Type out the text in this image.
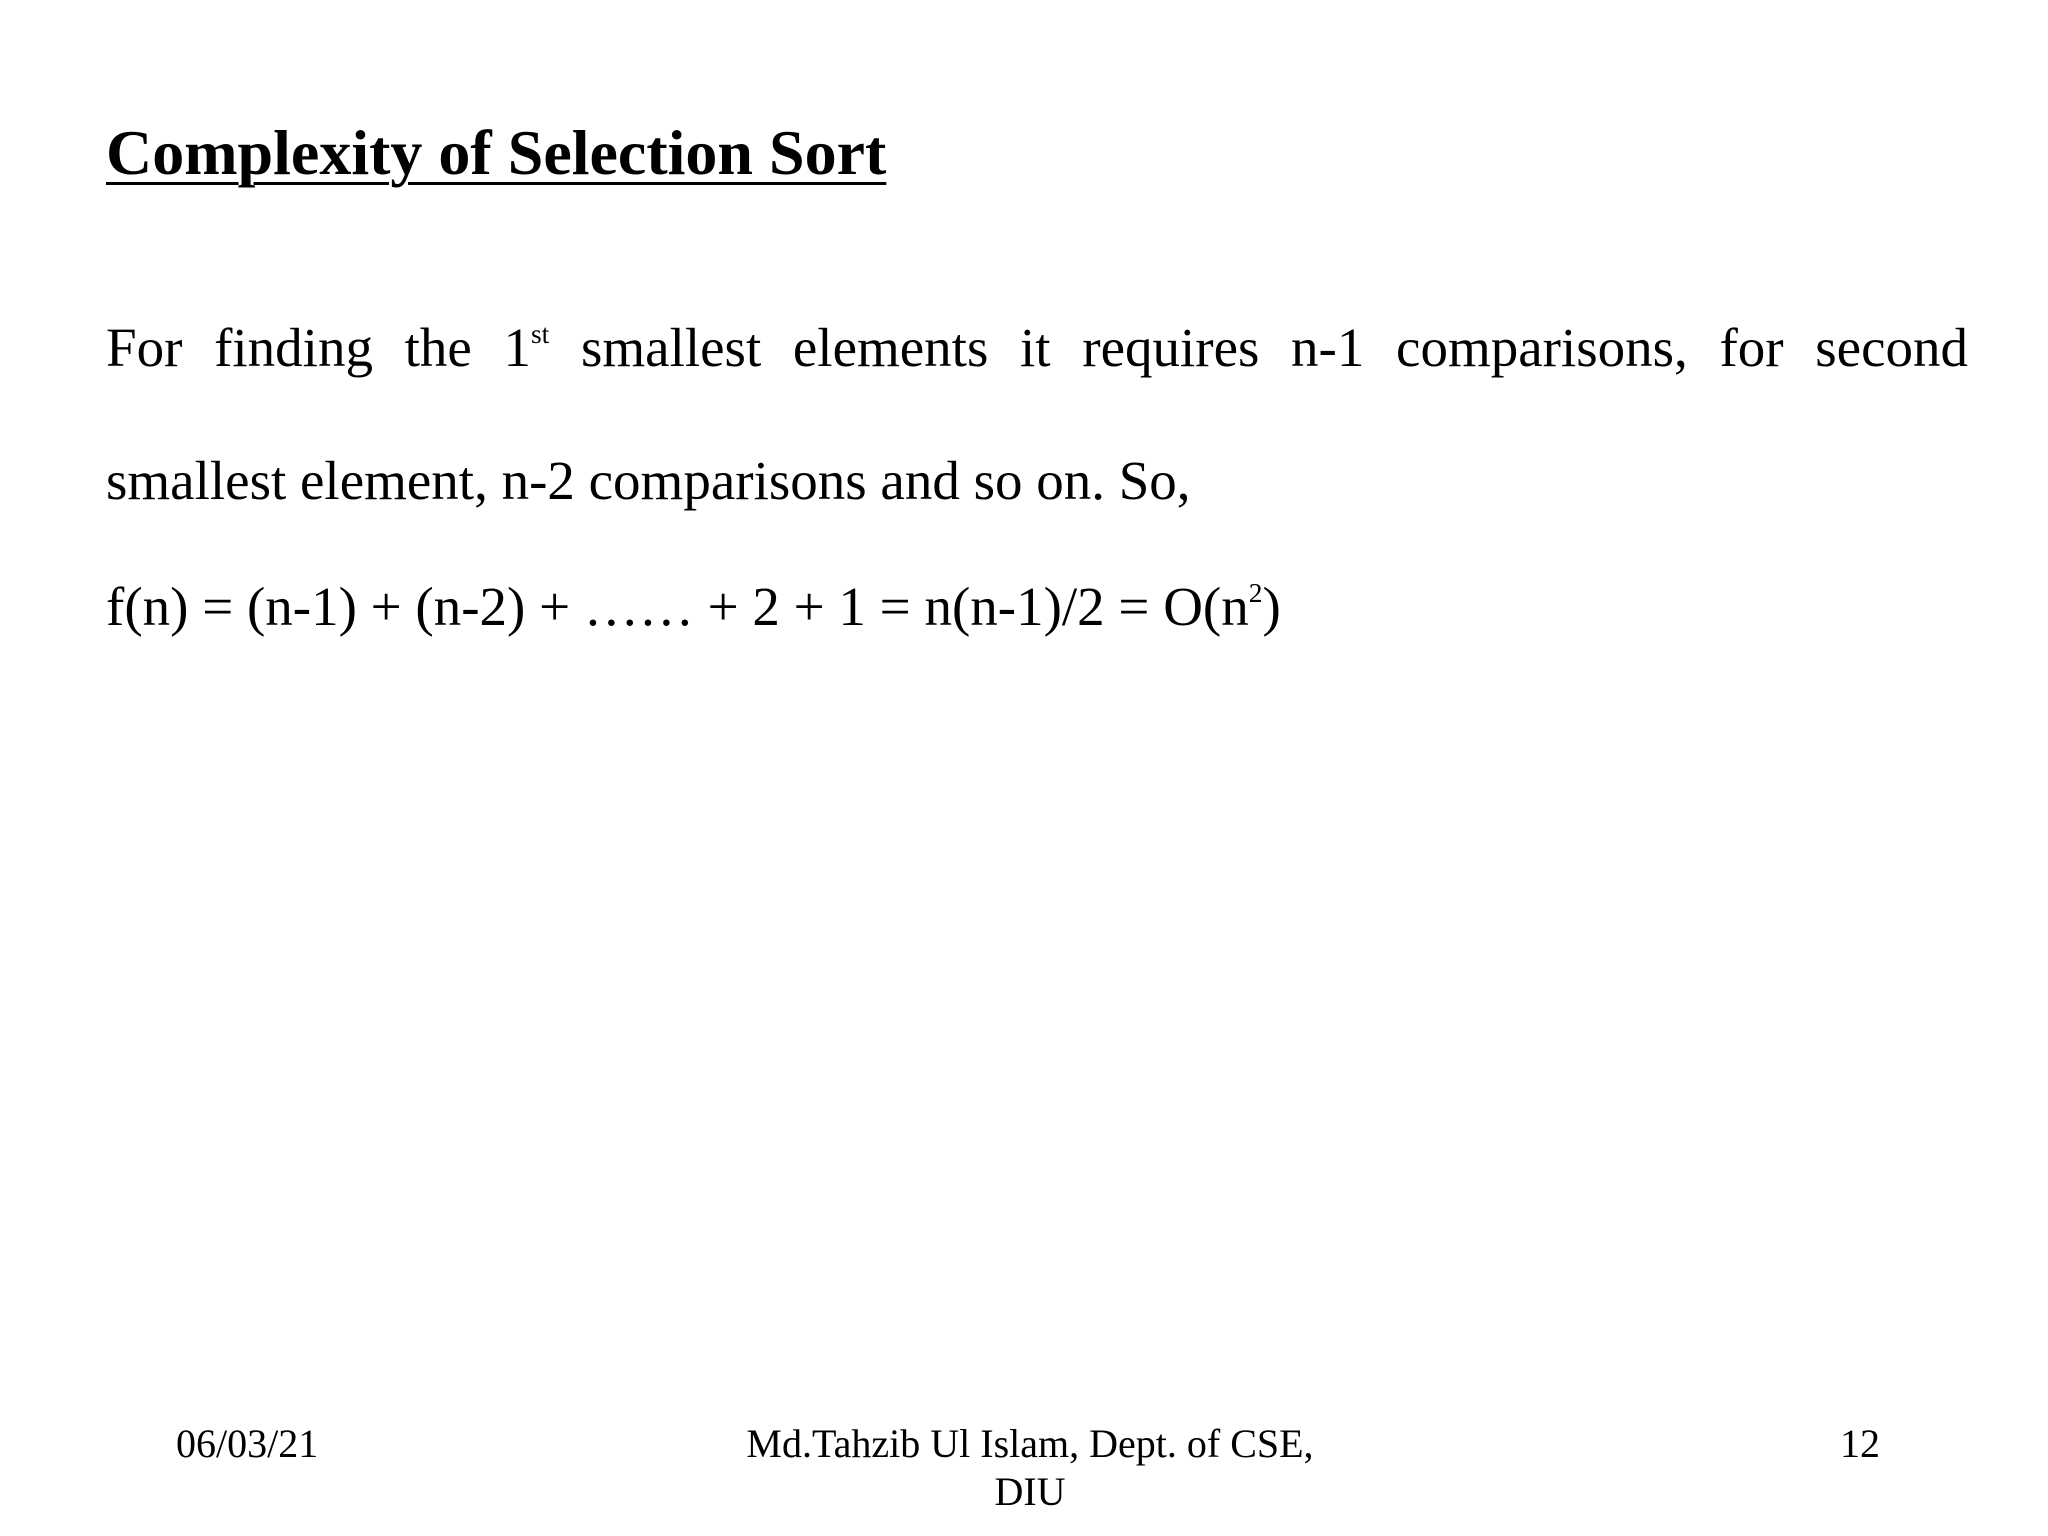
Complexity of Selection Sort
For finding the 1st smallest elements it requires n-1 comparisons, for second
smallest element, n-2 comparisons and so on. So,
f(n) = (n-1) + (n-2) + …… + $2 + 1 = n(n-1)/2 = O(n^2)$
06/03/21	Md.Tahzib Ul Islam, Dept. of CSE,
DIU
12
